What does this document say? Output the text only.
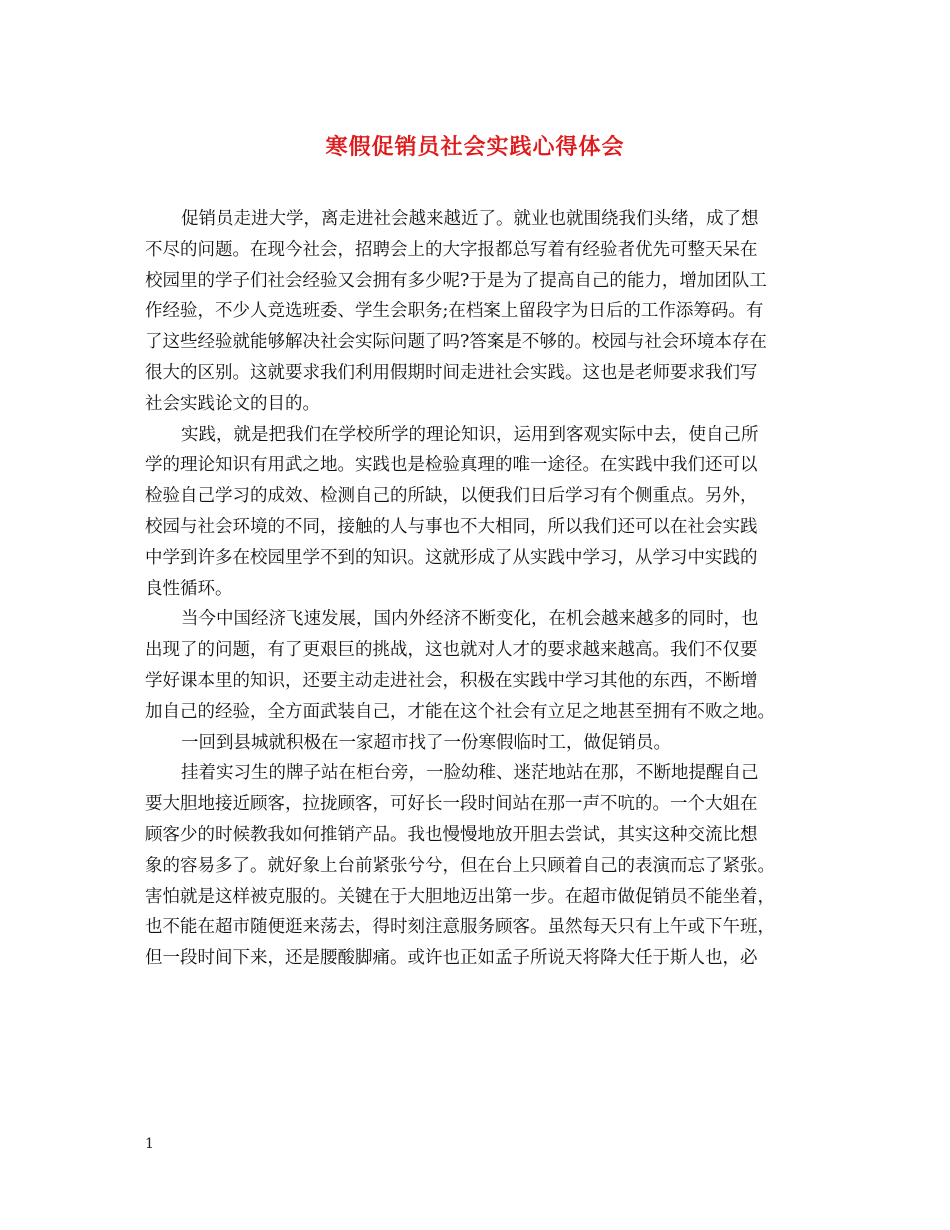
寒假促销员社会实践心得体会
促销员走进大学，离走进社会越来越近了。就业也就围绕我们头绪，成了想
不尽的问题。在现今社会，招聘会上的大字报都总写着有经验者优先可整天呆在
校园里的学子们社会经验又会拥有多少呢?于是为了提高自己的能力，增加团队工
作经验，不少人竞选班委、学生会职务;在档案上留段字为日后的工作添筹码。有
了这些经验就能够解决社会实际问题了吗?答案是不够的。校园与社会环境本存在
很大的区别。这就要求我们利用假期时间走进社会实践。这也是老师要求我们写
社会实践论文的目的。
实践，就是把我们在学校所学的理论知识，运用到客观实际中去，使自己所
学的理论知识有用武之地。实践也是检验真理的唯一途径。在实践中我们还可以
检验自己学习的成效、检测自己的所缺，以便我们日后学习有个侧重点。另外，
校园与社会环境的不同，接触的人与事也不大相同，所以我们还可以在社会实践
中学到许多在校园里学不到的知识。这就形成了从实践中学习，从学习中实践的
良性循环。
当今中国经济飞速发展，国内外经济不断变化，在机会越来越多的同时，也
出现了的问题，有了更艰巨的挑战，这也就对人才的要求越来越高。我们不仅要
学好课本里的知识，还要主动走进社会，积极在实践中学习其他的东西，不断增
加自己的经验，全方面武装自己，才能在这个社会有立足之地甚至拥有不败之地。
一回到县城就积极在一家超市找了一份寒假临时工，做促销员。
挂着实习生的牌子站在柜台旁，一脸幼稚、迷茫地站在那，不断地提醒自己
要大胆地接近顾客，拉拢顾客，可好长一段时间站在那一声不吭的。一个大姐在
顾客少的时候教我如何推销产品。我也慢慢地放开胆去尝试，其实这种交流比想
象的容易多了。就好象上台前紧张兮兮，但在台上只顾着自己的表演而忘了紧张。
害怕就是这样被克服的。关键在于大胆地迈出第一步。在超市做促销员不能坐着，
也不能在超市随便逛来荡去，得时刻注意服务顾客。虽然每天只有上午或下午班，
但一段时间下来，还是腰酸脚痛。或许也正如孟子所说天将降大任于斯人也，必
1
